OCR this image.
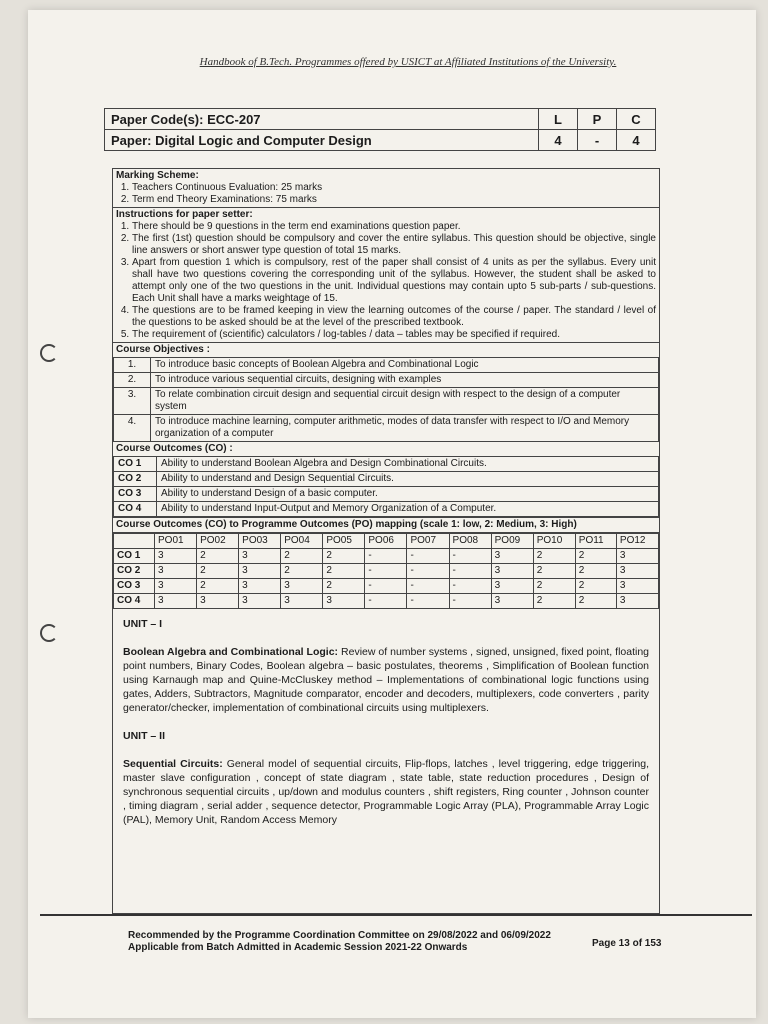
Handbook of B.Tech. Programmes offered by USICT at Affiliated Institutions of the University.
Paper Code(s): ECC-207	L	P	C
Paper: Digital Logic and Computer Design	4	-	4
Marking Scheme:
1. Teachers Continuous Evaluation: 25 marks
2. Term end Theory Examinations: 75 marks
Instructions for paper setter:
1. There should be 9 questions in the term end examinations question paper.
2. The first (1st) question should be compulsory and cover the entire syllabus. This question should be objective, single line answers or short answer type question of total 15 marks.
3. Apart from question 1 which is compulsory, rest of the paper shall consist of 4 units as per the syllabus. Every unit shall have two questions covering the corresponding unit of the syllabus. However, the student shall be asked to attempt only one of the two questions in the unit. Individual questions may contain upto 5 sub-parts / sub-questions. Each Unit shall have a marks weightage of 15.
4. The questions are to be framed keeping in view the learning outcomes of the course / paper. The standard / level of the questions to be asked should be at the level of the prescribed textbook.
5. The requirement of (scientific) calculators / log-tables / data – tables may be specified if required.
Course Objectives :
1.	To introduce basic concepts of Boolean Algebra and Combinational Logic
2.	To introduce various sequential circuits, designing with examples
3.	To relate combination circuit design and sequential circuit design with respect to the design of a computer system
4.	To introduce machine learning, computer arithmetic, modes of data transfer with respect to I/O and Memory organization of a computer
Course Outcomes (CO) :
CO 1	Ability to understand Boolean Algebra and Design Combinational Circuits.
CO 2	Ability to understand and Design Sequential Circuits.
CO 3	Ability to understand Design of a basic computer.
CO 4	Ability to understand Input-Output and Memory Organization of a Computer.
Course Outcomes (CO) to Programme Outcomes (PO) mapping (scale 1: low, 2: Medium, 3: High)
	PO01	PO02	PO03	PO04	PO05	PO06	PO07	PO08	PO09	PO10	PO11	PO12
CO 1	3	2	3	2	2	-	-	-	3	2	2	3
CO 2	3	2	3	2	2	-	-	-	3	2	2	3
CO 3	3	2	3	3	2	-	-	-	3	2	2	3
CO 4	3	3	3	3	3	-	-	-	3	2	2	3
UNIT – I

Boolean Algebra and Combinational Logic: Review of number systems , signed, unsigned, fixed point, floating point numbers, Binary Codes, Boolean algebra – basic postulates, theorems , Simplification of Boolean function using Karnaugh map and Quine-McCluskey method – Implementations of combinational logic functions using gates, Adders, Subtractors, Magnitude comparator, encoder and decoders, multiplexers, code converters , parity generator/checker, implementation of combinational circuits using multiplexers.

UNIT – II

Sequential Circuits: General model of sequential circuits, Flip-flops, latches , level triggering, edge triggering, master slave configuration , concept of state diagram , state table, state reduction procedures , Design of synchronous sequential circuits , up/down and modulus counters , shift registers, Ring counter , Johnson counter , timing diagram , serial adder , sequence detector, Programmable Logic Array (PLA), Programmable Array Logic (PAL), Memory Unit, Random Access Memory

Recommended by the Programme Coordination Committee on 29/08/2022 and 06/09/2022
Applicable from Batch Admitted in Academic Session 2021-22 Onwards	Page 13 of 153
